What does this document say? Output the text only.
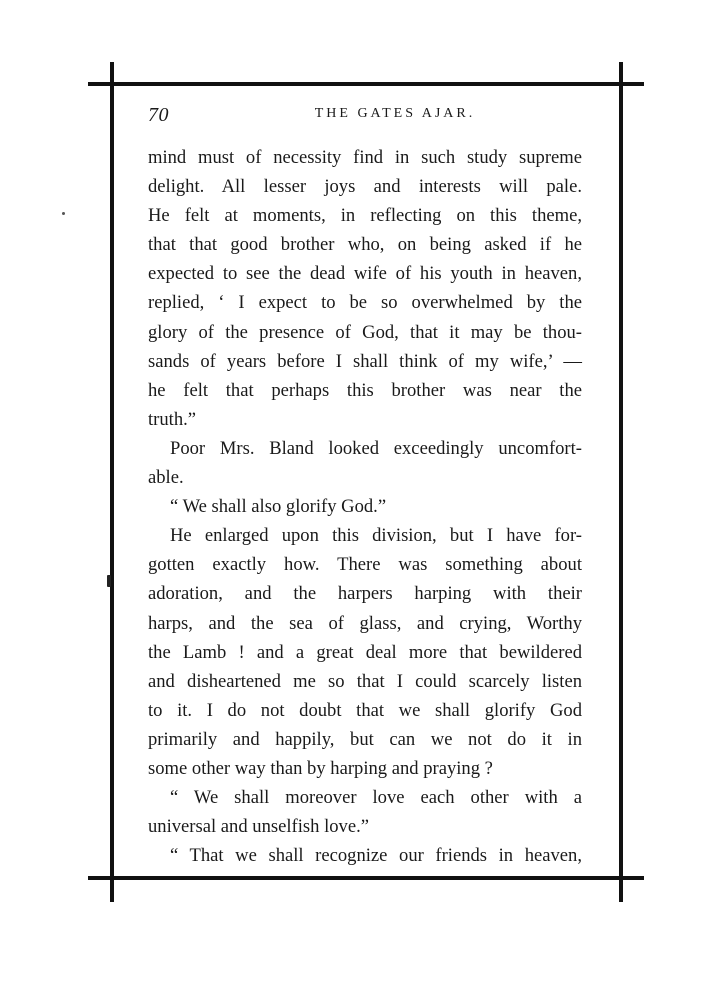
70	THE GATES AJAR.
mind must of necessity find in such study supreme
delight. All lesser joys and interests will pale.
He felt at moments, in reflecting on this theme,
that that good brother who, on being asked if he
expected to see the dead wife of his youth in heaven,
replied, ‘ I expect to be so overwhelmed by the
glory of the presence of God, that it may be thou-
sands of years before I shall think of my wife,’ —
he felt that perhaps this brother was near the
truth.”
Poor Mrs. Bland looked exceedingly uncomfort-
able.
“ We shall also glorify God.”
He enlarged upon this division, but I have for-
gotten exactly how. There was something about
adoration, and the harpers harping with their
harps, and the sea of glass, and crying, Worthy
the Lamb ! and a great deal more that bewildered
and disheartened me so that I could scarcely listen
to it. I do not doubt that we shall glorify God
primarily and happily, but can we not do it in
some other way than by harping and praying ?
“ We shall moreover love each other with a
universal and unselfish love.”
“ That we shall recognize our friends in heaven,
